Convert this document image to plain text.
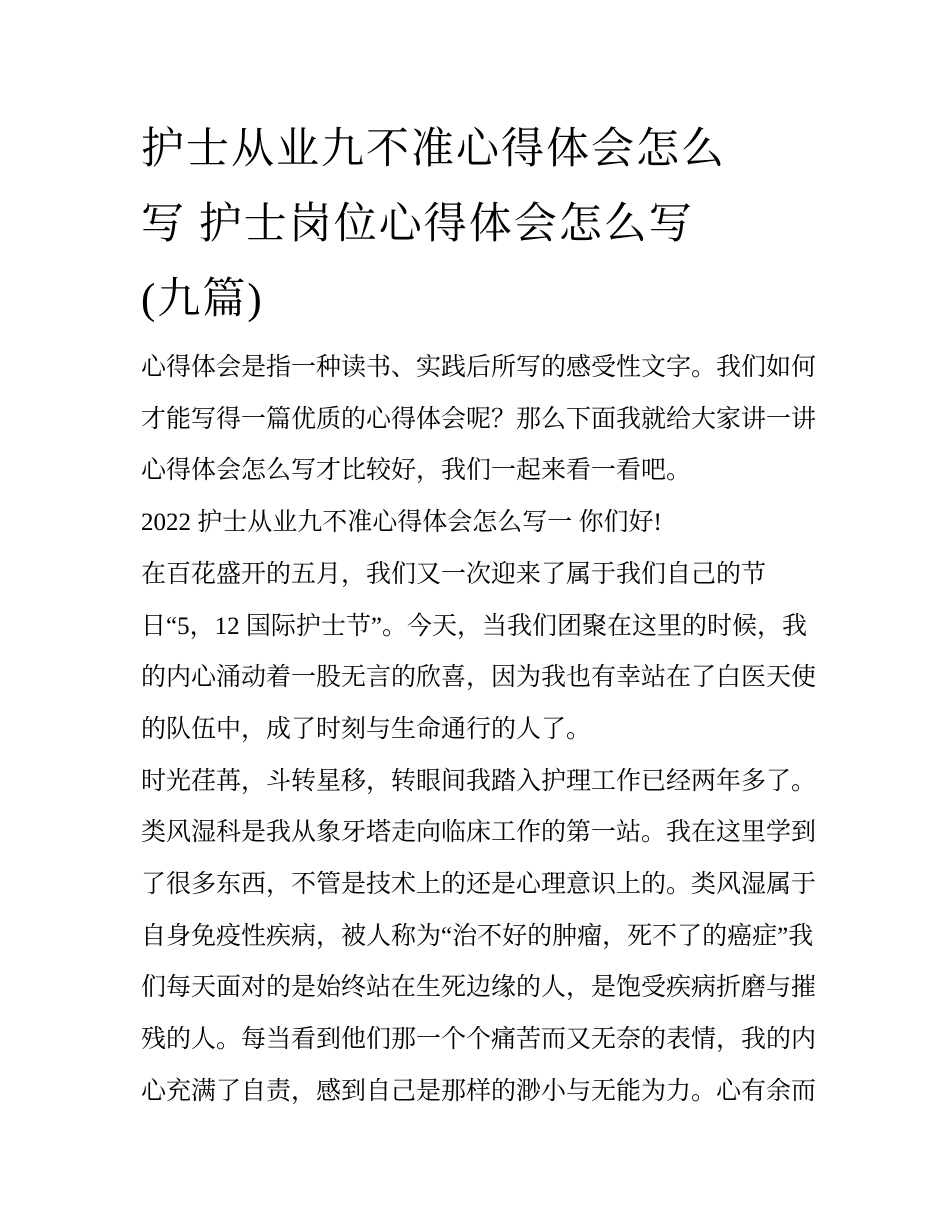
护士从业九不准心得体会怎么
写 护士岗位心得体会怎么写
(九篇)

心得体会是指一种读书、实践后所写的感受性文字。我们如何

才能写得一篇优质的心得体会呢？那么下面我就给大家讲一讲

心得体会怎么写才比较好，我们一起来看一看吧。

2022 护士从业九不准心得体会怎么写一 你们好!

在百花盛开的五月，我们又一次迎来了属于我们自己的节

日“5，12 国际护士节”。今天，当我们团聚在这里的时候，我

的内心涌动着一股无言的欣喜，因为我也有幸站在了白医天使

的队伍中，成了时刻与生命通行的人了。

时光荏苒，斗转星移，转眼间我踏入护理工作已经两年多了。

类风湿科是我从象牙塔走向临床工作的第一站。我在这里学到

了很多东西，不管是技术上的还是心理意识上的。类风湿属于

自身免疫性疾病，被人称为“治不好的肿瘤，死不了的癌症”我

们每天面对的是始终站在生死边缘的人，是饱受疾病折磨与摧

残的人。每当看到他们那一个个痛苦而又无奈的表情，我的内

心充满了自责，感到自己是那样的渺小与无能为力。心有余而
